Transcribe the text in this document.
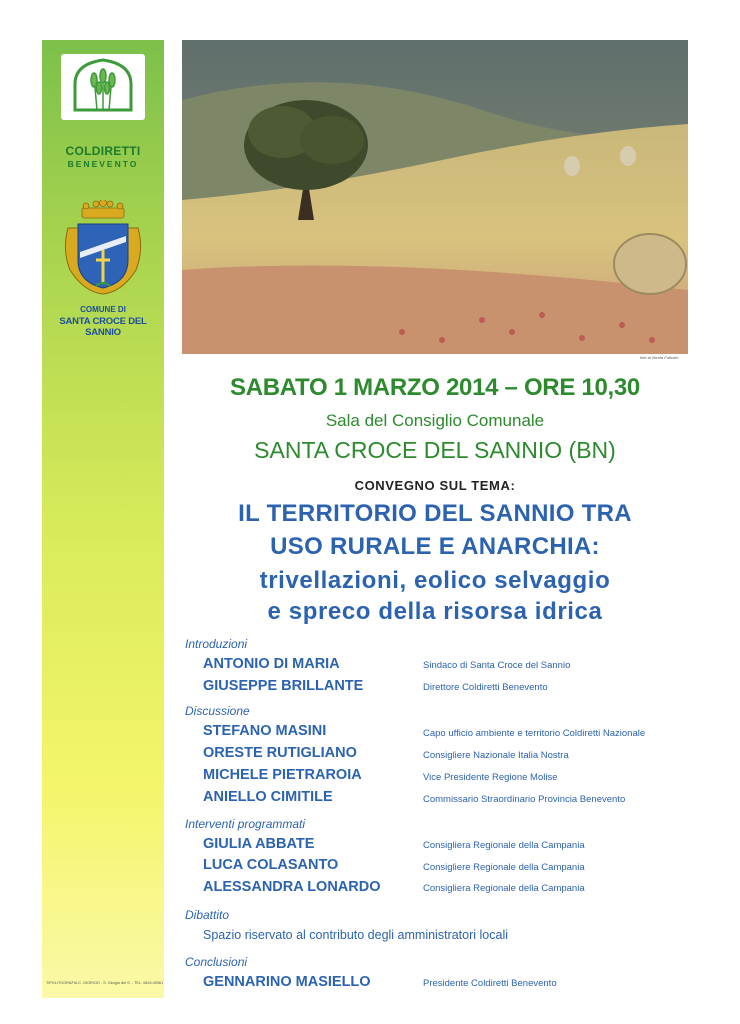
COLDIRETTI
BENEVENTO
COMUNE DI
SANTA CROCE DEL SANNIO
TIPOLITOGRAFIA C. GIORGIO - S. Giorgio del S. - TEL. 0824.49361
foto di Nicola Fabrizio
SABATO 1 MARZO 2014 – ORE 10,30
Sala del Consiglio Comunale
SANTA CROCE DEL SANNIO (BN)
CONVEGNO SUL TEMA:
IL TERRITORIO DEL SANNIO TRA
USO RURALE E ANARCHIA:
trivellazioni, eolico selvaggio
e spreco della risorsa idrica
Introduzioni
ANTONIO DI MARIA	Sindaco di Santa Croce del Sannio
GIUSEPPE BRILLANTE	Direttore Coldiretti Benevento
Discussione
STEFANO MASINI	Capo ufficio ambiente e territorio Coldiretti Nazionale
ORESTE RUTIGLIANO	Consigliere Nazionale Italia Nostra
MICHELE PIETRAROIA	Vice Presidente Regione Molise
ANIELLO CIMITILE	Commissario Straordinario Provincia Benevento
Interventi programmati
GIULIA ABBATE	Consigliera Regionale della Campania
LUCA COLASANTO	Consigliere Regionale della Campania
ALESSANDRA LONARDO	Consigliera Regionale della Campania
Dibattito
Spazio riservato al contributo degli amministratori locali
Conclusioni
GENNARINO MASIELLO	Presidente Coldiretti Benevento
